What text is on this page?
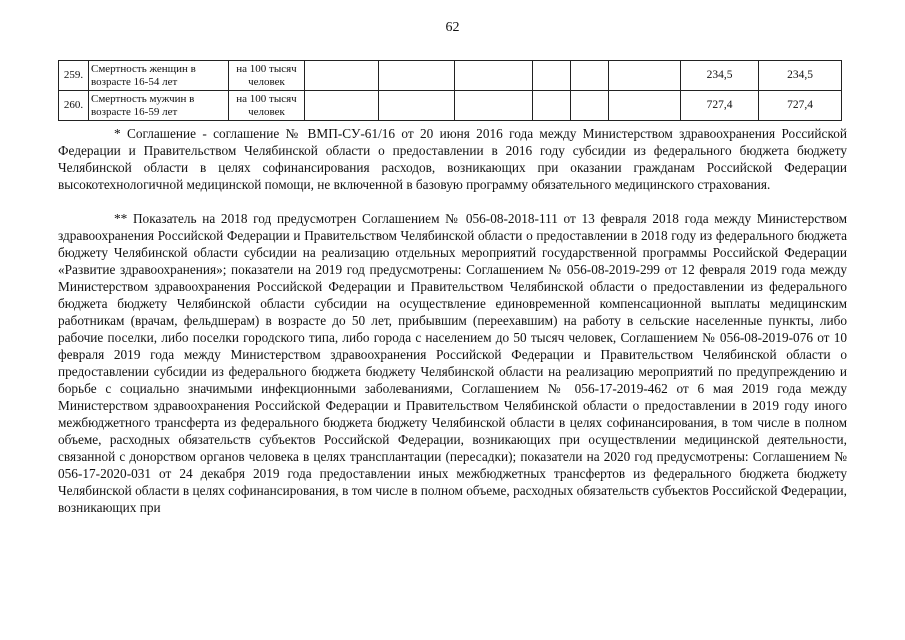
62
259.	Смертность женщин в возрасте 16-54 лет	на 100 тысяч человек							234,5	234,5
260.	Смертность мужчин в возрасте 16-59 лет	на 100 тысяч человек							727,4	727,4

* Соглашение - соглашение № ВМП-СУ-61/16 от 20 июня 2016 года между Министерством здравоохранения Российской Федерации и Правительством Челябинской области о предоставлении в 2016 году субсидии из федерального бюджета бюджету Челябинской области в целях софинансирования расходов, возникающих при оказании гражданам Российской Федерации высокотехнологичной медицинской помощи, не включенной в базовую программу обязательного медицинского страхования.

** Показатель на 2018 год предусмотрен Соглашением № 056-08-2018-111 от 13 февраля 2018 года между Министерством здравоохранения Российской Федерации и Правительством Челябинской области о предоставлении в 2018 году из федерального бюджета бюджету Челябинской области субсидии на реализацию отдельных мероприятий государственной программы Российской Федерации «Развитие здравоохранения»; показатели на 2019 год предусмотрены: Соглашением № 056-08-2019-299 от 12 февраля 2019 года между Министерством здравоохранения Российской Федерации и Правительством Челябинской области о предоставлении из федерального бюджета бюджету Челябинской области субсидии на осуществление единовременной компенсационной выплаты медицинским работникам (врачам, фельдшерам) в возрасте до 50 лет, прибывшим (переехавшим) на работу в сельские населенные пункты, либо рабочие поселки, либо поселки городского типа, либо города с населением до 50 тысяч человек, Соглашением № 056-08-2019-076 от 10 февраля 2019 года между Министерством здравоохранения Российской Федерации и Правительством Челябинской области о предоставлении субсидии из федерального бюджета бюджету Челябинской области на реализацию мероприятий по предупреждению и борьбе с социально значимыми инфекционными заболеваниями, Соглашением № 056-17-2019-462 от 6 мая 2019 года между Министерством здравоохранения Российской Федерации и Правительством Челябинской области о предоставлении в 2019 году иного межбюджетного трансферта из федерального бюджета бюджету Челябинской области в целях софинансирования, в том числе в полном объеме, расходных обязательств субъектов Российской Федерации, возникающих при осуществлении медицинской деятельности, связанной с донорством органов человека в целях трансплантации (пересадки); показатели на 2020 год предусмотрены: Соглашением № 056-17-2020-031 от 24 декабря 2019 года предоставлении иных межбюджетных трансфертов из федерального бюджета бюджету Челябинской области в целях софинансирования, в том числе в полном объеме, расходных обязательств субъектов Российской Федерации, возникающих при
